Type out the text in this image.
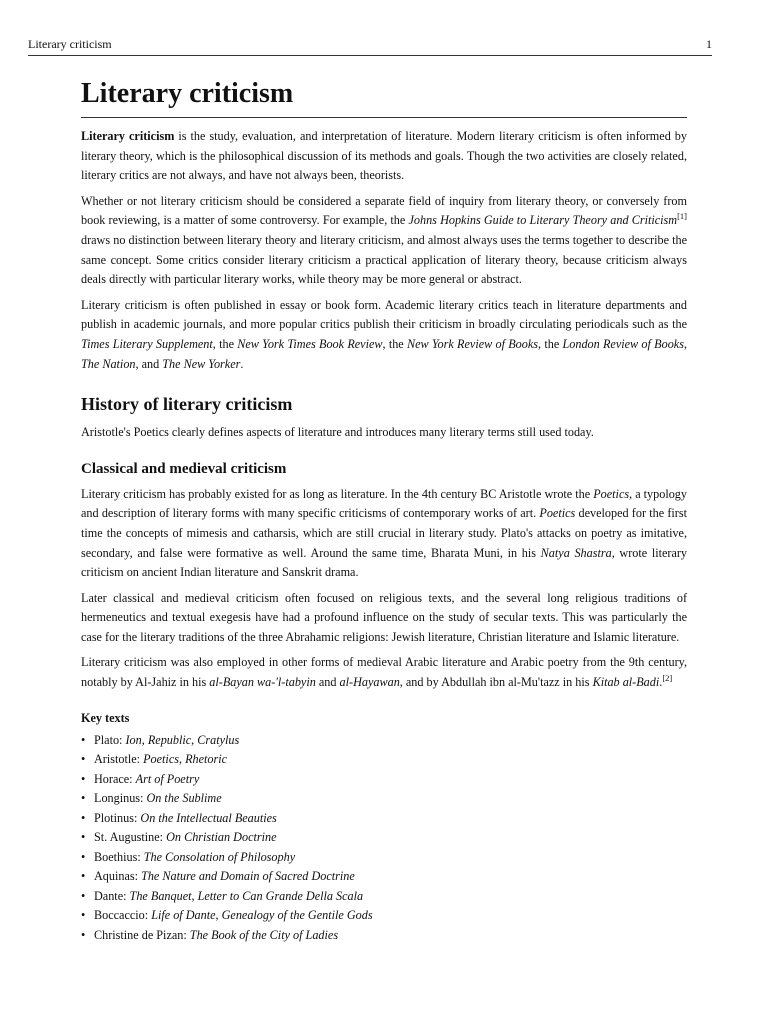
Literary criticism	1
Literary criticism

Literary criticism is the study, evaluation, and interpretation of literature. Modern literary criticism is often informed by literary theory, which is the philosophical discussion of its methods and goals. Though the two activities are closely related, literary critics are not always, and have not always been, theorists.

Whether or not literary criticism should be considered a separate field of inquiry from literary theory, or conversely from book reviewing, is a matter of some controversy. For example, the Johns Hopkins Guide to Literary Theory and Criticism[1] draws no distinction between literary theory and literary criticism, and almost always uses the terms together to describe the same concept. Some critics consider literary criticism a practical application of literary theory, because criticism always deals directly with particular literary works, while theory may be more general or abstract.

Literary criticism is often published in essay or book form. Academic literary critics teach in literature departments and publish in academic journals, and more popular critics publish their criticism in broadly circulating periodicals such as the Times Literary Supplement, the New York Times Book Review, the New York Review of Books, the London Review of Books, The Nation, and The New Yorker.

History of literary criticism

Aristotle's Poetics clearly defines aspects of literature and introduces many literary terms still used today.

Classical and medieval criticism

Literary criticism has probably existed for as long as literature. In the 4th century BC Aristotle wrote the Poetics, a typology and description of literary forms with many specific criticisms of contemporary works of art. Poetics developed for the first time the concepts of mimesis and catharsis, which are still crucial in literary study. Plato's attacks on poetry as imitative, secondary, and false were formative as well. Around the same time, Bharata Muni, in his Natya Shastra, wrote literary criticism on ancient Indian literature and Sanskrit drama.

Later classical and medieval criticism often focused on religious texts, and the several long religious traditions of hermeneutics and textual exegesis have had a profound influence on the study of secular texts. This was particularly the case for the literary traditions of the three Abrahamic religions: Jewish literature, Christian literature and Islamic literature.

Literary criticism was also employed in other forms of medieval Arabic literature and Arabic poetry from the 9th century, notably by Al-Jahiz in his al-Bayan wa-'l-tabyin and al-Hayawan, and by Abdullah ibn al-Mu'tazz in his Kitab al-Badi.[2]

Key texts
• Plato: Ion, Republic, Cratylus
• Aristotle: Poetics, Rhetoric
• Horace: Art of Poetry
• Longinus: On the Sublime
• Plotinus: On the Intellectual Beauties
• St. Augustine: On Christian Doctrine
• Boethius: The Consolation of Philosophy
• Aquinas: The Nature and Domain of Sacred Doctrine
• Dante: The Banquet, Letter to Can Grande Della Scala
• Boccaccio: Life of Dante, Genealogy of the Gentile Gods
• Christine de Pizan: The Book of the City of Ladies
